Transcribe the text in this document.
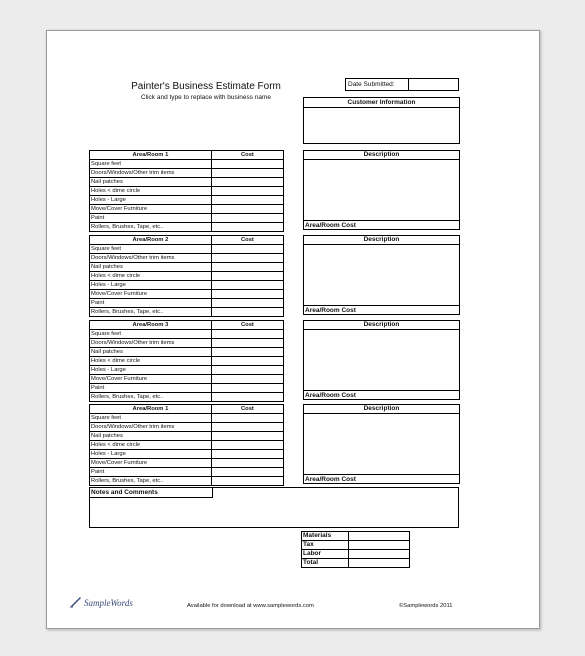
Painter's Business Estimate Form
Click and type to replace with business name
Date Submitted:
Customer Information
Area/Room 1	Cost
Square feet	
Doors/Windows/Other trim items	
Nail patches	
Holes < dime circle	
Holes - Large	
Move/Cover Furniture	
Paint	
Rollers, Brushes, Tape, etc..	
Description
Area/Room Cost
Area/Room 2	Cost
Square feet	
Doors/Windows/Other trim items	
Nail patches	
Holes < dime circle	
Holes - Large	
Move/Cover Furniture	
Paint	
Rollers, Brushes, Tape, etc..	
Description
Area/Room Cost
Area/Room 3	Cost
Square feet	
Doors/Windows/Other trim items	
Nail patches	
Holes < dime circle	
Holes - Large	
Move/Cover Furniture	
Paint	
Rollers, Brushes, Tape, etc..	
Description
Area/Room Cost
Area/Room 1	Cost
Square feet	
Doors/Windows/Other trim items	
Nail patches	
Holes < dime circle	
Holes - Large	
Move/Cover Furniture	
Paint	
Rollers, Brushes, Tape, etc..	
Description
Area/Room Cost
Notes and Comments
Materials	
Tax	
Labor	
Total	
SampleWords	Available for download at www.samplewords.com	©Samplewords 2011
